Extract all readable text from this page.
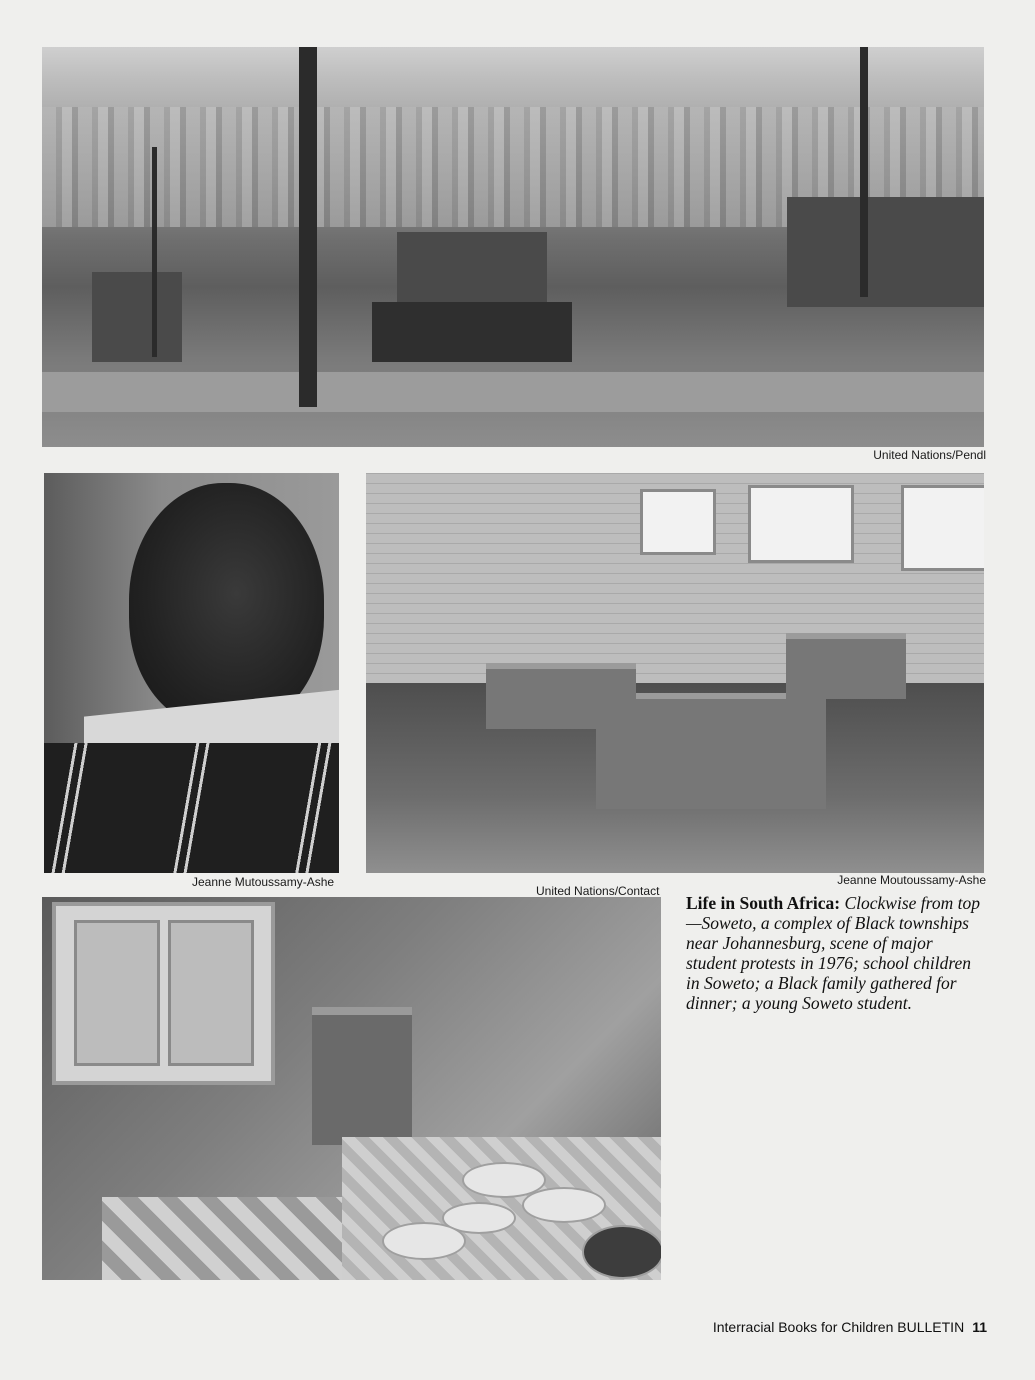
United Nations/Pendl
Jeanne Mutoussamy-Ashe	Jeanne Moutoussamy-Ashe
United Nations/Contact
Life in South Africa: Clockwise from top—Soweto, a complex of Black townships near Johannesburg, scene of major student protests in 1976; school children in Soweto; a Black family gathered for dinner; a young Soweto student.
Interracial Books for Children BULLETIN 11
